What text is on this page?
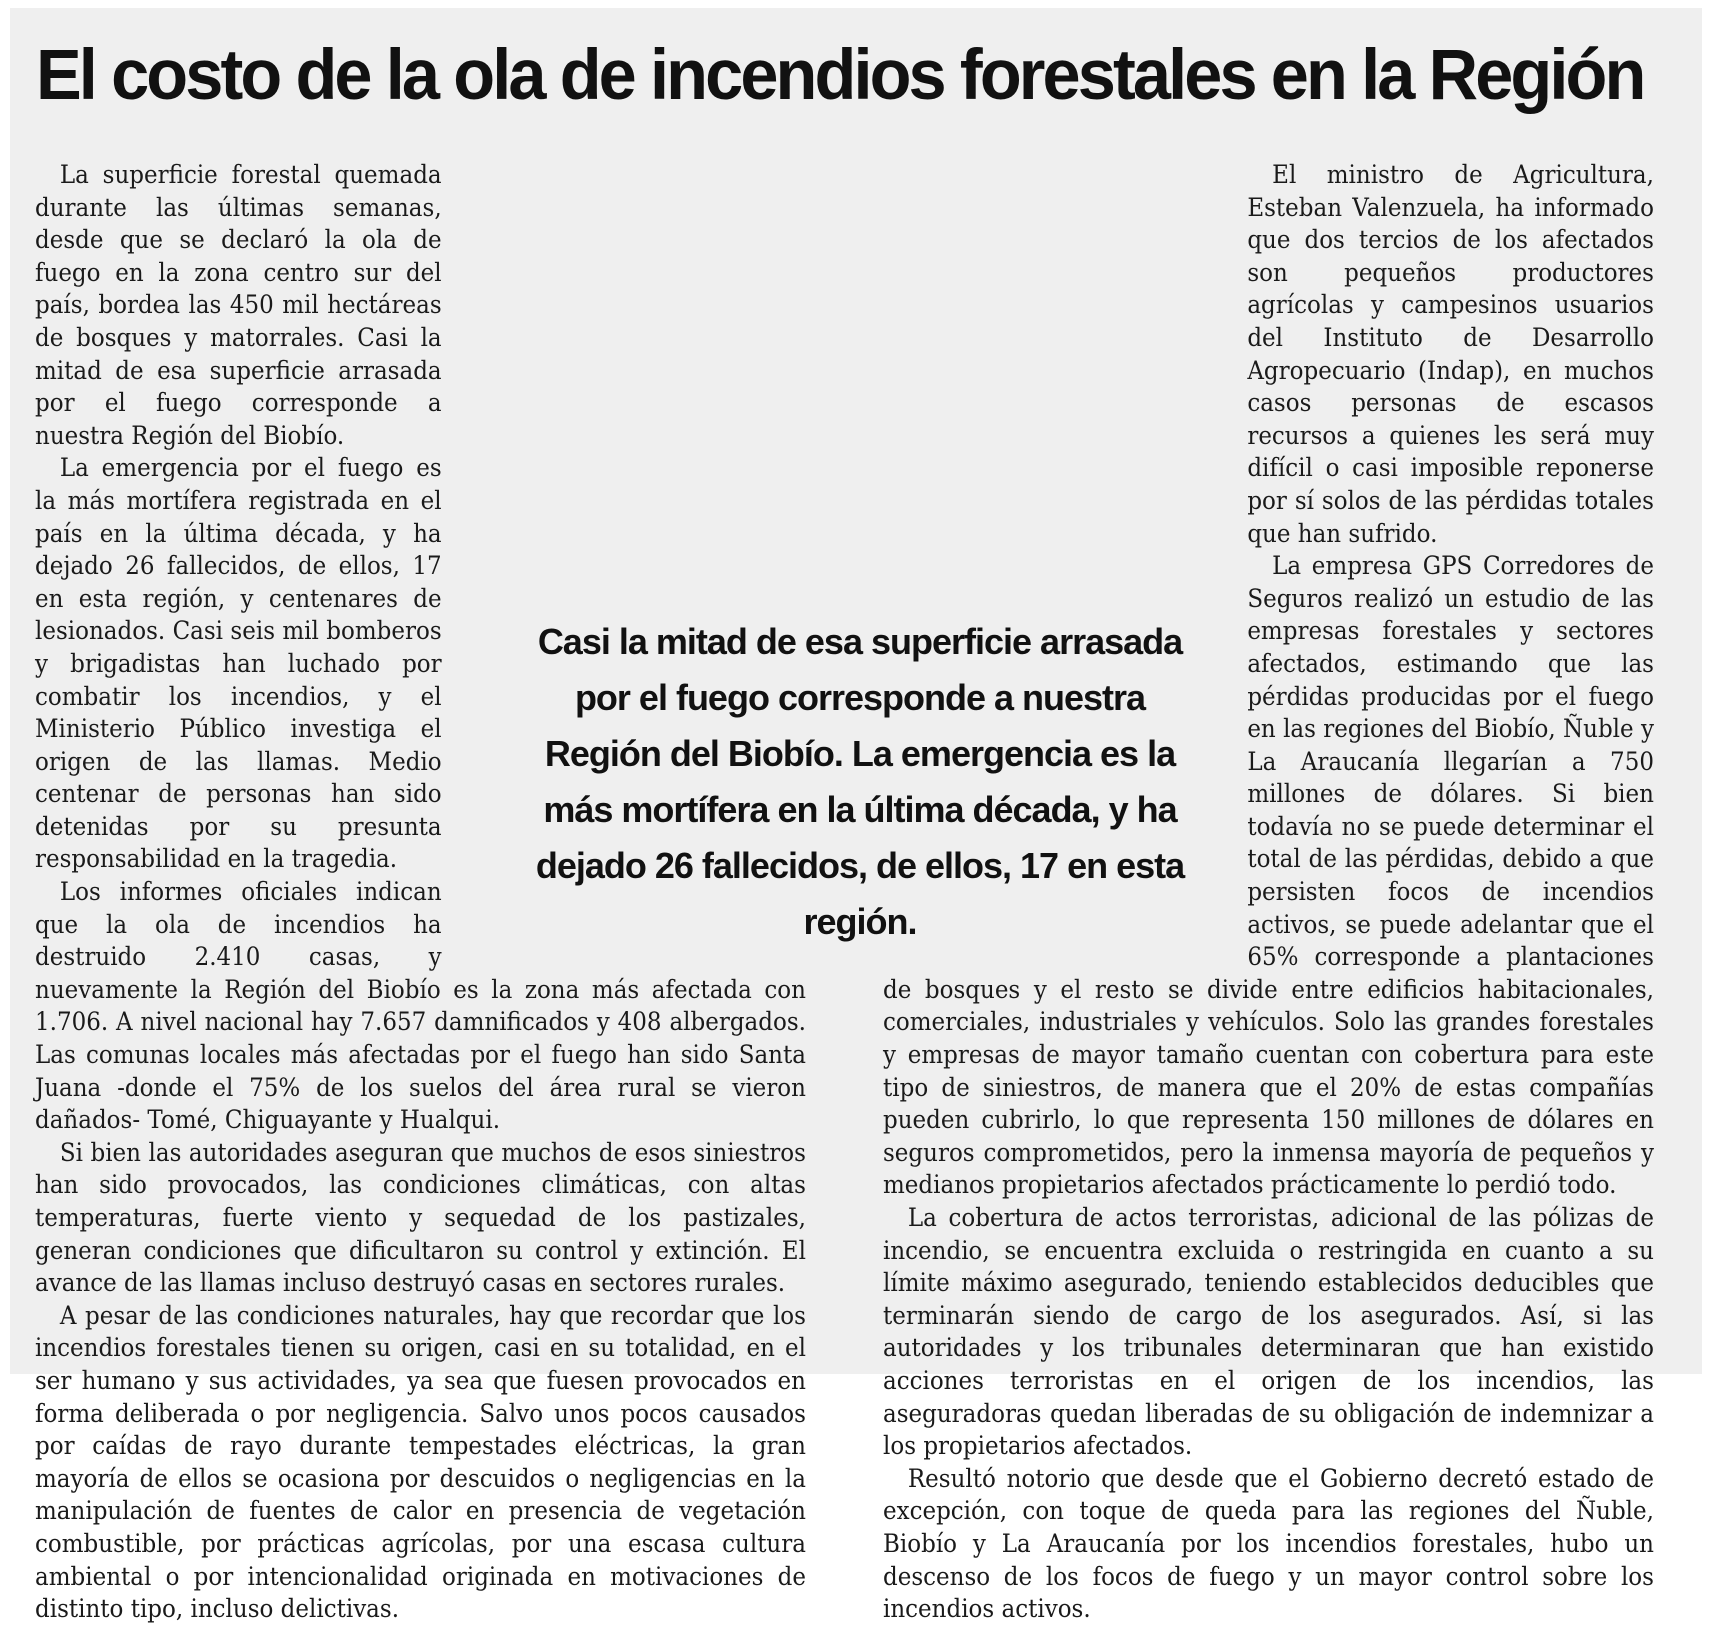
El costo de la ola de incendios forestales en la Región

La superficie forestal quemada durante las últimas semanas, desde que se declaró la ola de fuego en la zona centro sur del país, bordea las 450 mil hectáreas de bosques y matorrales. Casi la mitad de esa superficie arrasada por el fuego corresponde a nuestra Región del Biobío.

La emergencia por el fuego es la más mortífera registrada en el país en la última década, y ha dejado 26 fallecidos, de ellos, 17 en esta región, y centenares de lesionados. Casi seis mil bomberos y brigadistas han luchado por combatir los incendios, y el Ministerio Público investiga el origen de las llamas. Medio centenar de personas han sido detenidas por su presunta responsabilidad en la tragedia.

Los informes oficiales indican que la ola de incendios ha destruido 2.410 casas, y nuevamente la Región del Biobío es la zona más afectada con 1.706. A nivel nacional hay 7.657 damnificados y 408 albergados. Las comunas locales más afectadas por el fuego han sido Santa Juana -donde el 75% de los suelos del área rural se vieron dañados- Tomé, Chiguayante y Hualqui.

Si bien las autoridades aseguran que muchos de esos siniestros han sido provocados, las condiciones climáticas, con altas temperaturas, fuerte viento y sequedad de los pastizales, generan condiciones que dificultaron su control y extinción. El avance de las llamas incluso destruyó casas en sectores rurales.

A pesar de las condiciones naturales, hay que recordar que los incendios forestales tienen su origen, casi en su totalidad, en el ser humano y sus actividades, ya sea que fuesen provocados en forma deliberada o por negligencia. Salvo unos pocos causados por caídas de rayo durante tempestades eléctricas, la gran mayoría de ellos se ocasiona por descuidos o negligencias en la manipulación de fuentes de calor en presencia de vegetación combustible, por prácticas agrícolas, por una escasa cultura ambiental o por intencionalidad originada en motivaciones de distinto tipo, incluso delictivas.

El ministro de Agricultura, Esteban Valenzuela, ha informado que dos tercios de los afectados son pequeños productores agrícolas y campesinos usuarios del Instituto de Desarrollo Agropecuario (Indap), en muchos casos personas de escasos recursos a quienes les será muy difícil o casi imposible reponerse por sí solos de las pérdidas totales que han sufrido.

La empresa GPS Corredores de Seguros realizó un estudio de las empresas forestales y sectores afectados, estimando que las pérdidas producidas por el fuego en las regiones del Biobío, Ñuble y La Araucanía llegarían a 750 millones de dólares. Si bien todavía no se puede determinar el total de las pérdidas, debido a que persisten focos de incendios activos, se puede adelantar que el 65% corresponde a plantaciones de bosques y el resto se divide entre edificios habitacionales, comerciales, industriales y vehículos. Solo las grandes forestales y empresas de mayor tamaño cuentan con cobertura para este tipo de siniestros, de manera que el 20% de estas compañías pueden cubrirlo, lo que representa 150 millones de dólares en seguros comprometidos, pero la inmensa mayoría de pequeños y medianos propietarios afectados prácticamente lo perdió todo.

La cobertura de actos terroristas, adicional de las pólizas de incendio, se encuentra excluida o restringida en cuanto a su límite máximo asegurado, teniendo establecidos deducibles que terminarán siendo de cargo de los asegurados. Así, si las autoridades y los tribunales determinaran que han existido acciones terroristas en el origen de los incendios, las aseguradoras quedan liberadas de su obligación de indemnizar a los propietarios afectados.

Resultó notorio que desde que el Gobierno decretó estado de excepción, con toque de queda para las regiones del Ñuble, Biobío y La Araucanía por los incendios forestales, hubo un descenso de los focos de fuego y un mayor control sobre los incendios activos.

Casi la mitad de esa superficie arrasada por el fuego corresponde a nuestra Región del Biobío. La emergencia es la más mortífera en la última década, y ha dejado 26 fallecidos, de ellos, 17 en esta región.
